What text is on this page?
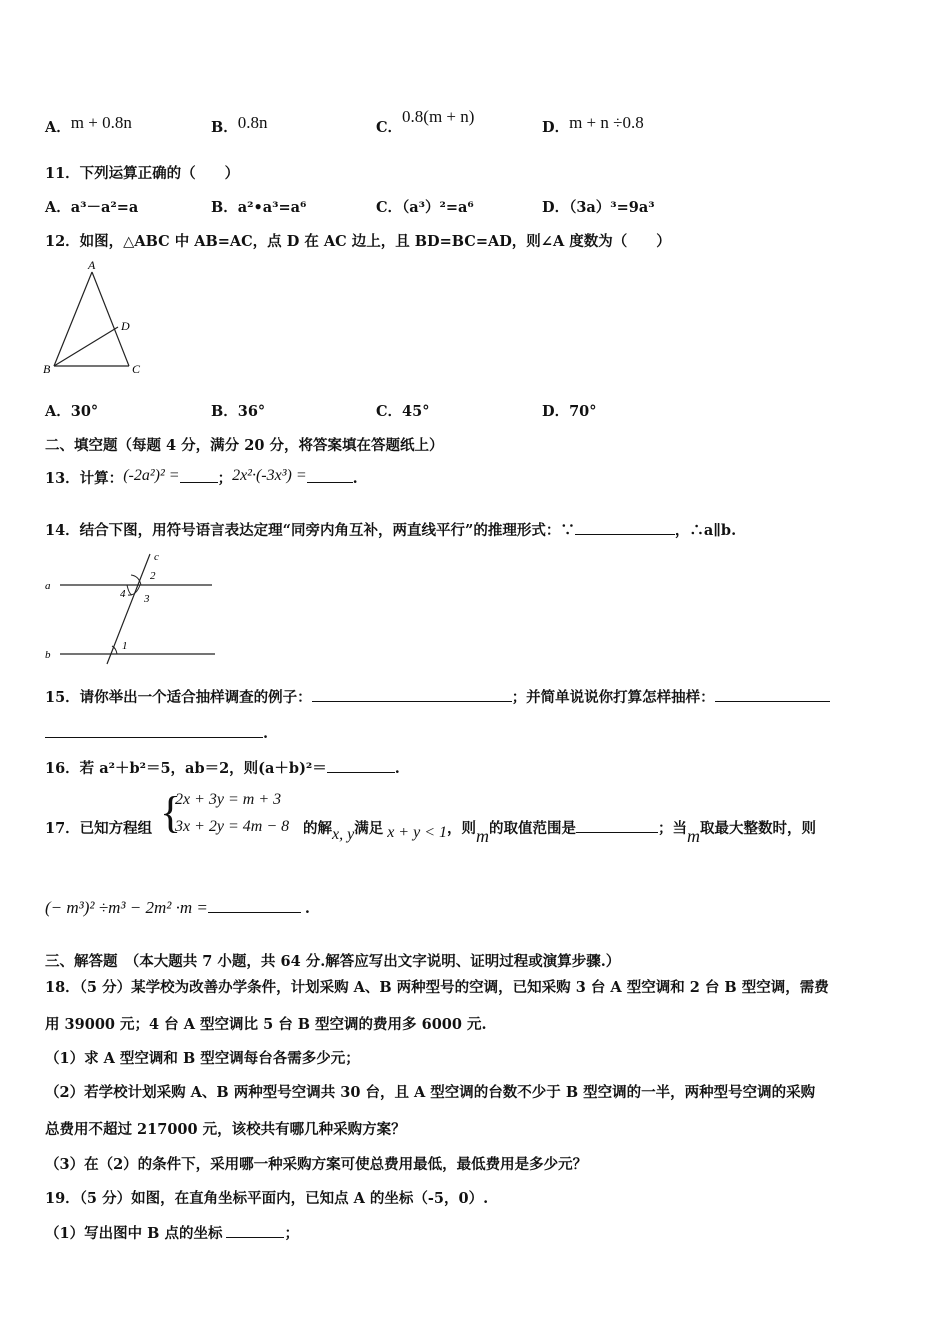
A．m + 0.8n	B．0.8n	C．0.8(m + n)
D．m + n ÷0.8
11．下列运算正确的（　　）
A．a³－a²=a	B．a²•a³=a⁶	C．（a³）²=a⁶	D．（3a）³=9a³
12．如图，△ABC 中 AB=AC，点 D 在 AC 边上，且 BD=BC=AD，则∠A 度数为（　　）
A
B	C
D
A．30°	B．36°	C．45°	D．70°
二、填空题（每题 4 分，满分 20 分，将答案填在答题纸上）
13．计算：(-2a²)² =	；2x²·(-3x³) =	.
14．结合下图，用符号语言表达定理“同旁内角互补，两直线平行”的推理形式：∵	，∴a∥b.
c
a
b
1
2
3
4
15．请你举出一个适合抽样调查的例子：	；并简单说说你打算怎样抽样：
.
16．若 a²＋b²＝5，ab＝2，则(a＋b)²＝	.
17．已知方程组 {
2x + 3y = m + 3
3x + 2y = 4m − 8 的解x, y满足 x + y < 1，则m的取值范围是	；当m取最大整数时，则
(− m³)² ÷m³ − 2m² ·m =	.
三、解答题　（本大题共 7 小题，共 64 分.解答应写出文字说明、证明过程或演算步骤.）
18．（5 分）某学校为改善办学条件，计划采购 A、B 两种型号的空调，已知采购 3 台 A 型空调和 2 台 B 型空调，需费
用 39000 元；4 台 A 型空调比 5 台 B 型空调的费用多 6000 元.
（1）求 A 型空调和 B 型空调每台各需多少元；
（2）若学校计划采购 A、B 两种型号空调共 30 台，且 A 型空调的台数不少于 B 型空调的一半，两种型号空调的采购
总费用不超过 217000 元，该校共有哪几种采购方案？
（3）在（2）的条件下，采用哪一种采购方案可使总费用最低，最低费用是多少元？
19．（5 分）如图，在直角坐标平面内，已知点 A 的坐标（-5，0）.
（1）写出图中 B 点的坐标	；
